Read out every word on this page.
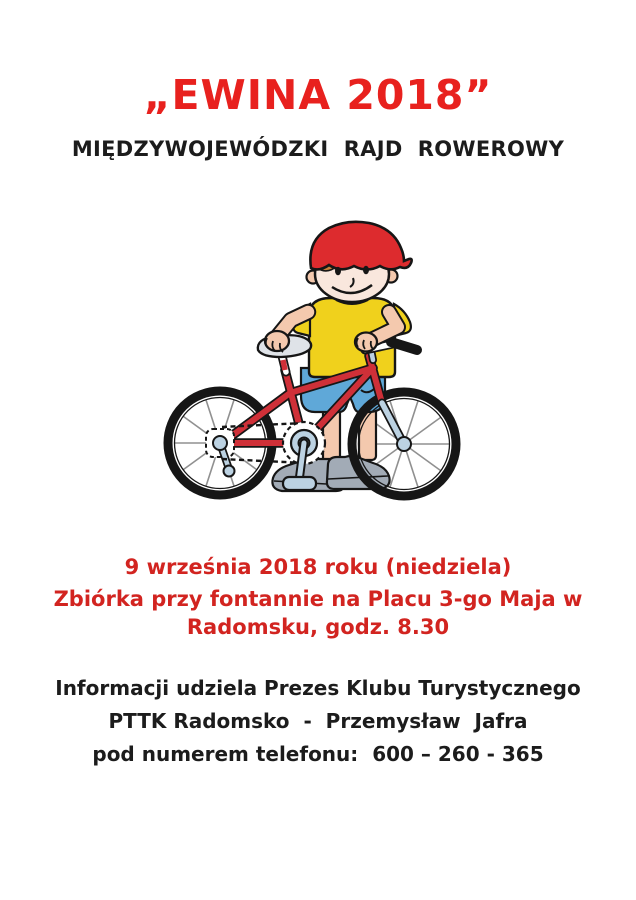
„EWINA 2018”
MIĘDZYWOJEWÓDZKI  RAJD  ROWEROWY
9 września 2018 roku (niedziela)
Zbiórka przy fontannie na Placu 3-go Maja w
Radomsku, godz. 8.30
Informacji udziela Prezes Klubu Turystycznego
PTTK Radomsko  -  Przemysław  Jafra
pod numerem telefonu:  600 – 260 - 365
